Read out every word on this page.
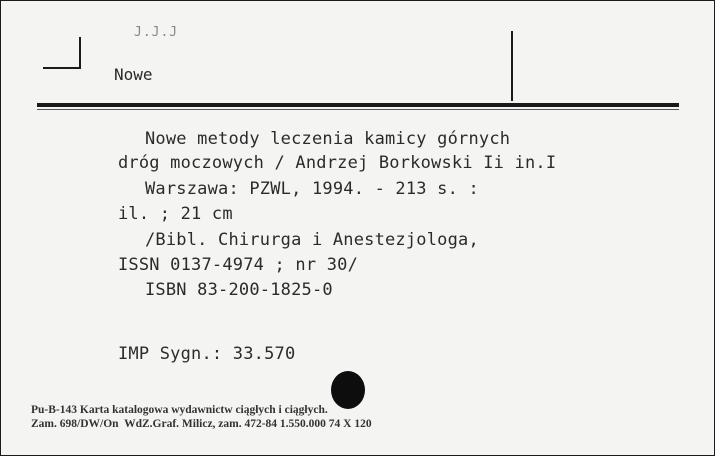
J.J.J
Nowe
Nowe metody leczenia kamicy górnych
dróg moczowych / Andrzej Borkowski Ii in.I
Warszawa: PZWL, 1994. - 213 s. :
il. ; 21 cm
/Bibl. Chirurga i Anestezjologa,
ISSN 0137-4974 ; nr 30/
ISBN 83-200-1825-0
IMP Sygn.: 33.570
Pu-B-143 Karta katalogowa wydawnictw ciągłych i ciągłych.
Zam. 698/DW/On  WdZ.Graf. Milicz, zam. 472-84 1.550.000 74 X 120
